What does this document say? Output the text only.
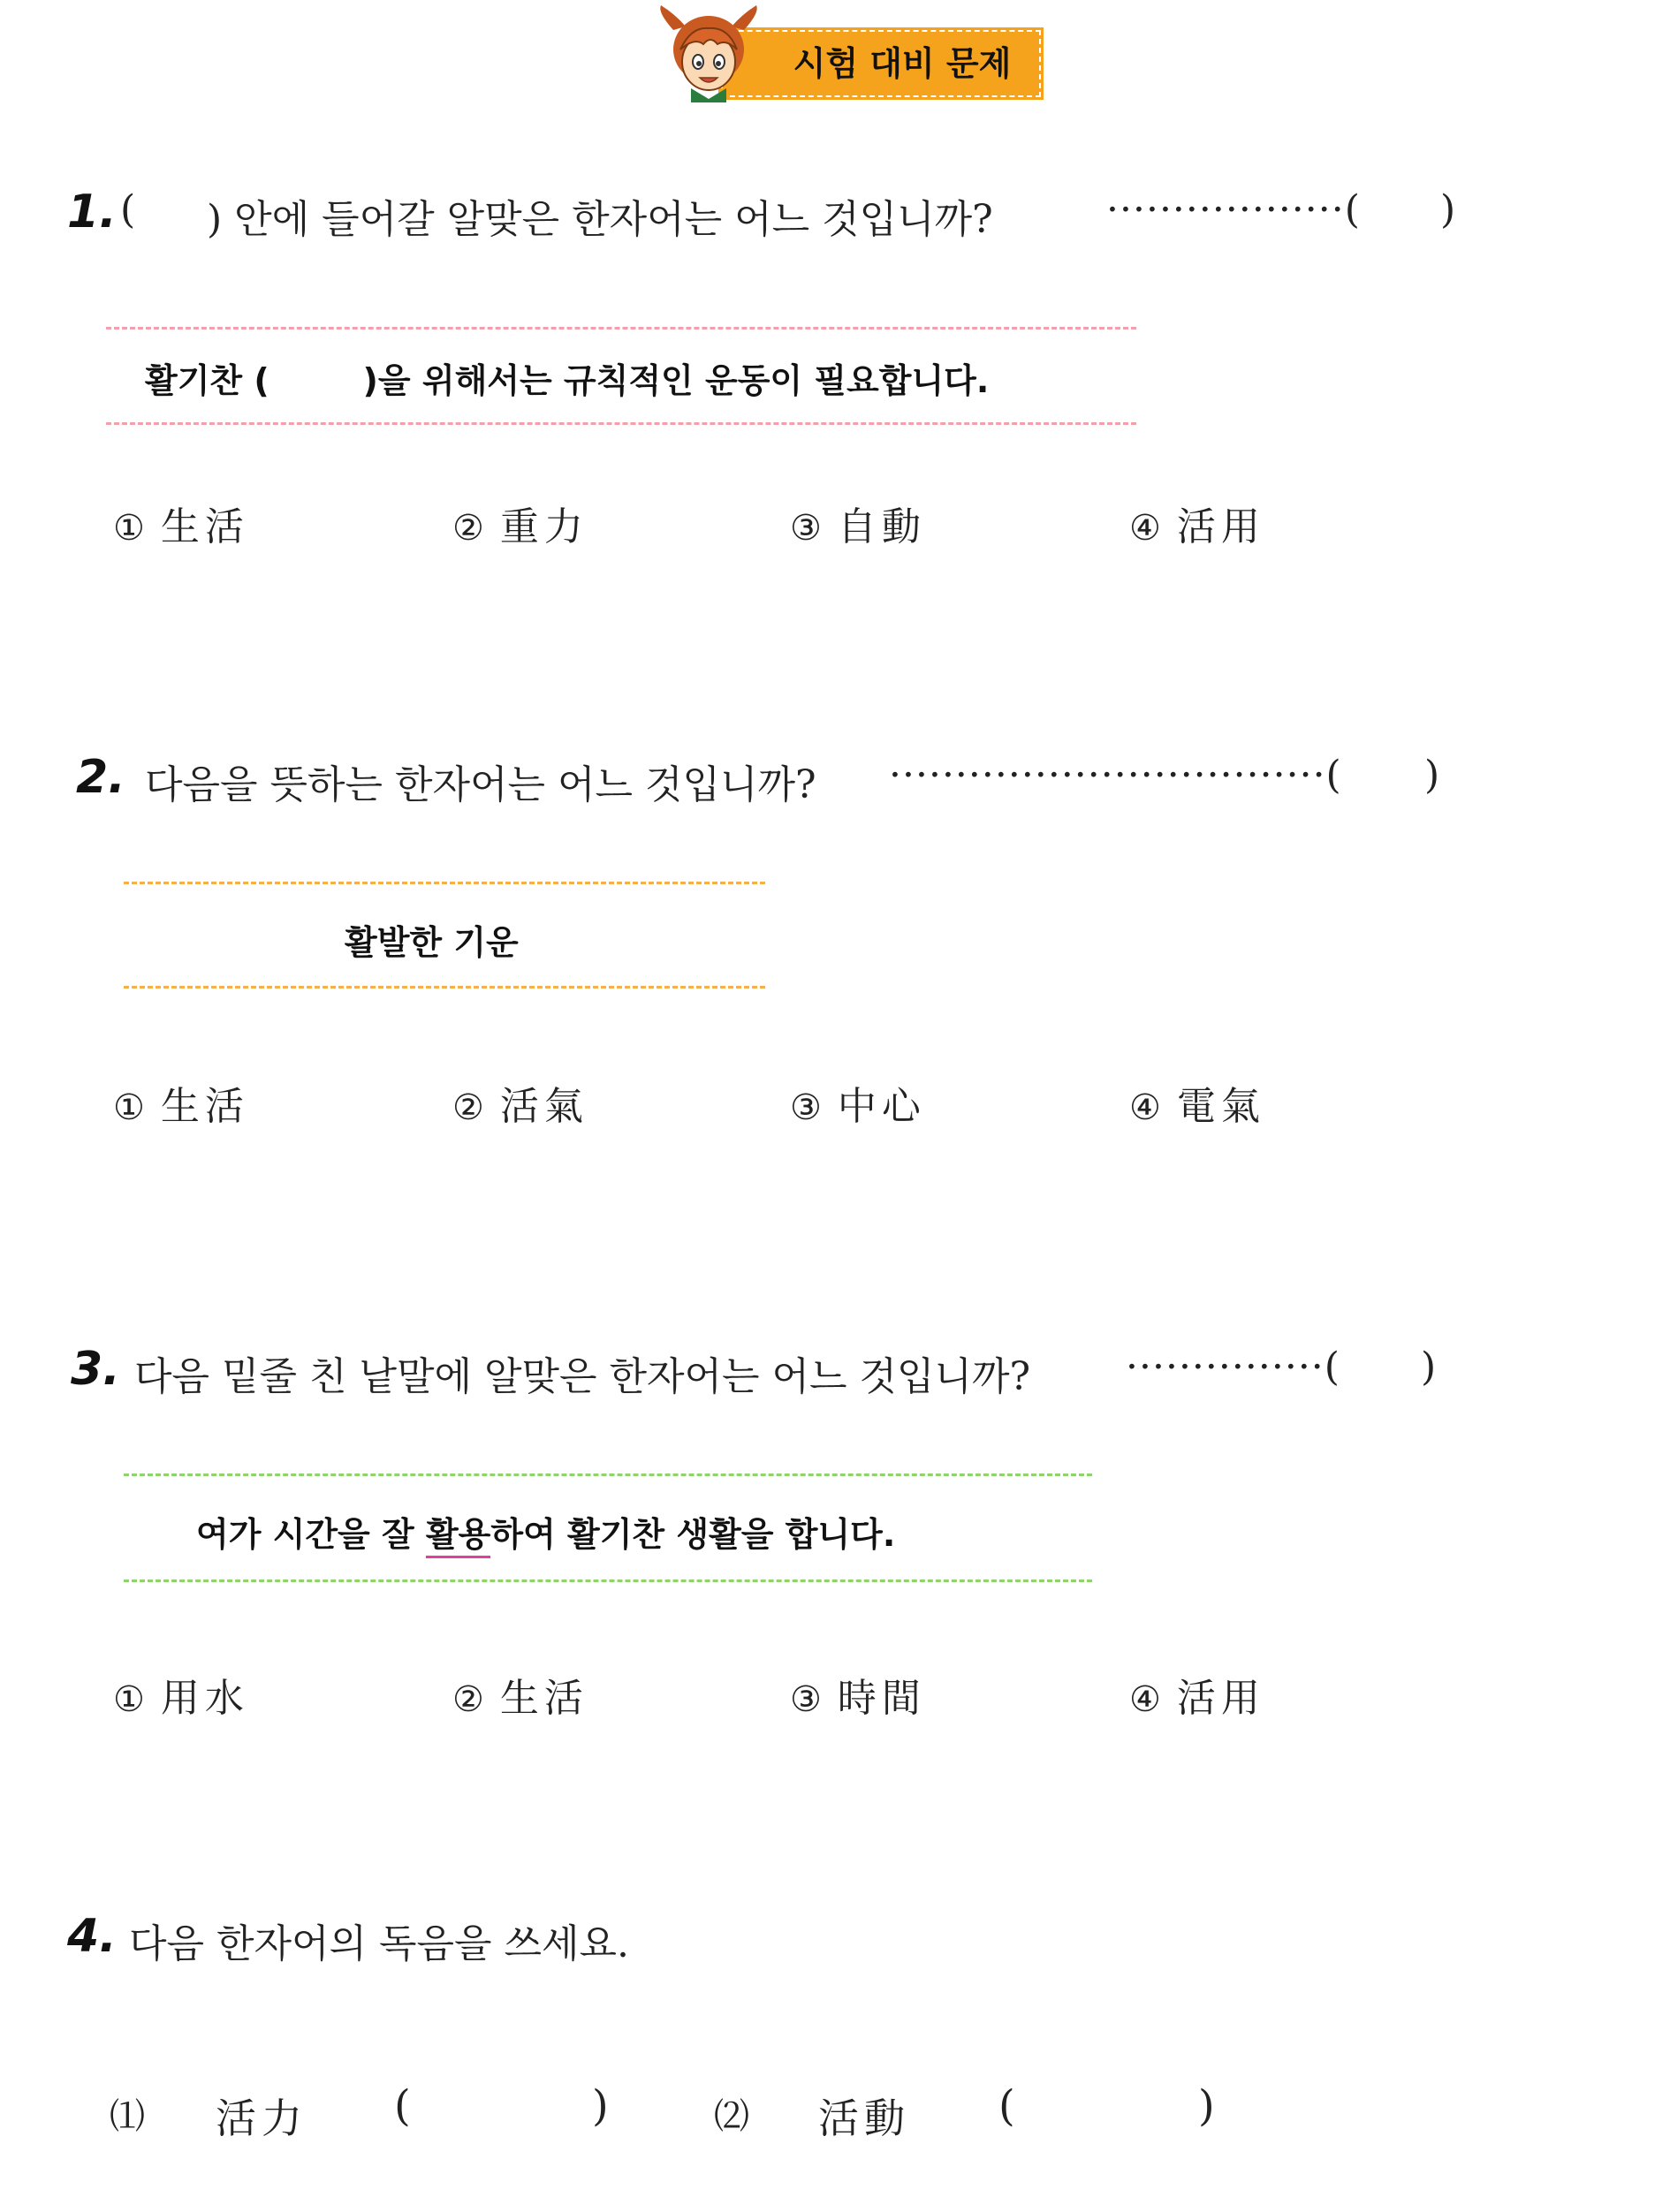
시험 대비 문제
1. ( ) 안에 들어갈 알맞은 한자어는 어느 것입니까?	··················( )
활기찬 (        )을 위해서는 규칙적인 운동이 필요합니다.
① 生活	② 重力	③ 自動	④ 活用
2. 다음을 뜻하는 한자어는 어느 것입니까? ·································( )
활발한 기운
① 生活	② 活氣	③ 中心	④ 電氣
3. 다음 밑줄 친 낱말에 알맞은 한자어는 어느 것입니까? ···············( )
여가 시간을 잘 활용하여 활기찬 생활을 합니다.
① 用水	② 生活	③ 時間	④ 活用
4. 다음 한자어의 독음을 쓰세요.
⑴ 活力 (	)	⑵ 活動 (	)
